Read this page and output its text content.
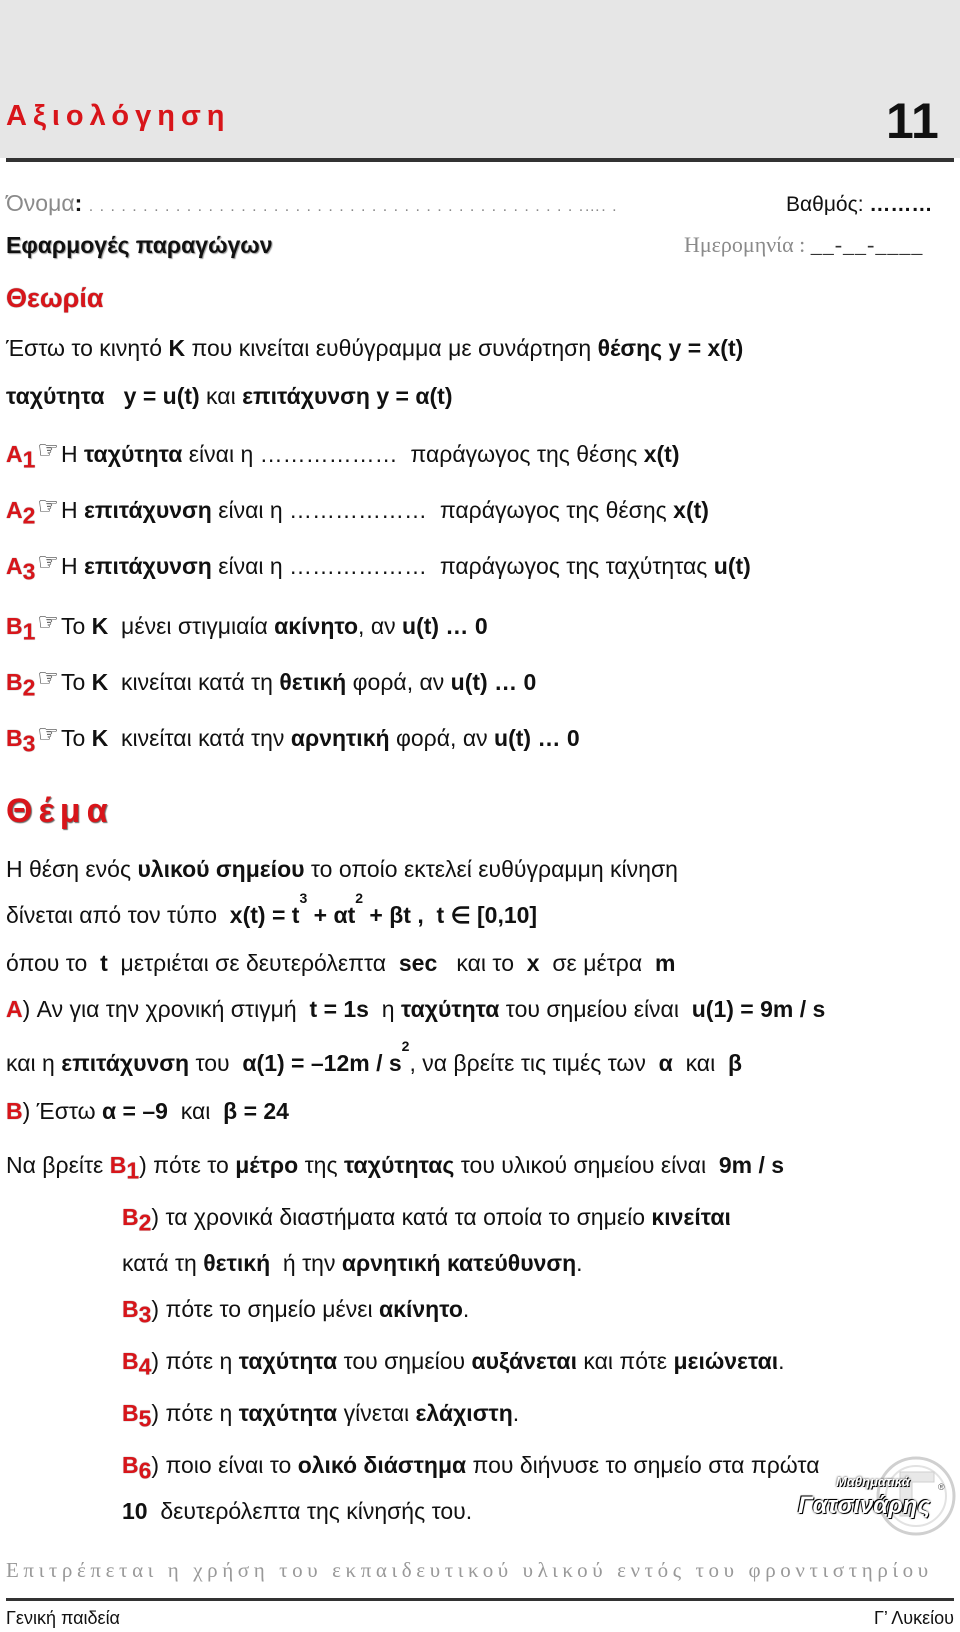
Αξιολόγηση	11
Όνομα: . . . . . . . . . . . . . . . . . . . . . . . . . . . . . . . . . . . . . . . . . . . . . .…. .	Βαθμός: ………
Εφαρμογές παραγώγων	Ημερομηνία : __-__-____
Θεωρία
Έστω το κινητό Κ που κινείται ευθύγραμμα με συνάρτηση θέσης y = x(t)
ταχύτητα   y = u(t) και επιτάχυνση y = α(t)
$A_1☞H$ ταχύτητα είναι η ………………  παράγωγος της θέσης x(t)
$A_2☞H$ επιτάχυνση είναι η ………………  παράγωγος της θέσης x(t)
$A_3☞H$ επιτάχυνση είναι η ………………  παράγωγος της ταχύτητας u(t)
$B_1☞To$ Κ  μένει στιγμιαία ακίνητο, αν u(t) … 0
$B_2☞To$ Κ  κινείται κατά τη θετική φορά, αν u(t) … 0
$B_3☞To$ Κ  κινείται κατά την αρνητική φορά, αν u(t) … 0
Θέμα
Η θέση ενός υλικού σημείου το οποίο εκτελεί ευθύγραμμη κίνηση
δίνεται από τον τύπο  $x(t) = t^3 + \alpha t^2 + \beta t$ ,  t ∈ [0,10]
όπου το  t  μετριέται σε δευτερόλεπτα  sec   και το  x  σε μέτρα  m
A) Αν για την χρονική στιγμή  t = 1s  η ταχύτητα του σημείου είναι  u(1) = 9m / s
και η επιτάχυνση του  $\alpha(1) = -12m / s^2$, να βρείτε τις τιμές των  α  και  β
B) Έστω α = –9  και  β = 24
Να βρείτε $B_1$) πότε το μέτρο της ταχύτητας του υλικού σημείου είναι  9m / s
$B_2$) τα χρονικά διαστήματα κατά τα οποία το σημείο κινείται
κατά τη θετική  ή την αρνητική κατεύθυνση.
$B_3$) πότε το σημείο μένει ακίνητο.
$B_4$) πότε η ταχύτητα του σημείου αυξάνεται και πότε μειώνεται.
$B_5$) πότε η ταχύτητα γίνεται ελάχιστη.
$B_6$) ποιο είναι το ολικό διάστημα που διήνυσε το σημείο στα πρώτα
10  δευτερόλεπτα της κίνησής του.
Μαθηματικά
Γατσινάρης
®
Επιτρέπεται η χρήση του εκπαιδευτικού υλικού εντός του φροντιστηρίου
Γενική παιδεία	Γ’ Λυκείου
